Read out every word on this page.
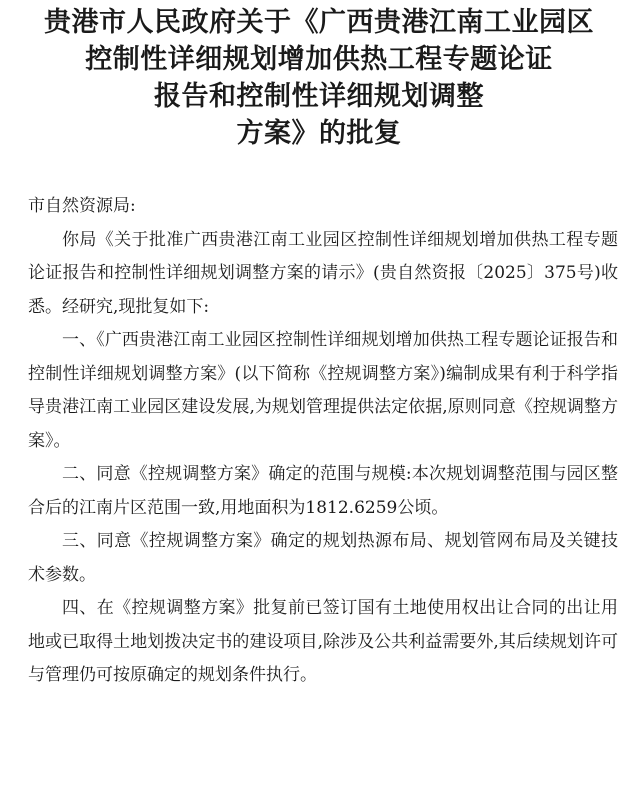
贵港市人民政府关于《广西贵港江南工业园区
控制性详细规划增加供热工程专题论证
报告和控制性详细规划调整
方案》的批复

市自然资源局:

你局《关于批准广西贵港江南工业园区控制性详细规划增加供热工程专题论证报告和控制性详细规划调整方案的请示》(贵自然资报〔2025〕375号)收悉。经研究,现批复如下:

一、《广西贵港江南工业园区控制性详细规划增加供热工程专题论证报告和控制性详细规划调整方案》(以下简称《控规调整方案》)编制成果有利于科学指导贵港江南工业园区建设发展,为规划管理提供法定依据,原则同意《控规调整方案》。

二、同意《控规调整方案》确定的范围与规模:本次规划调整范围与园区整合后的江南片区范围一致,用地面积为1812.6259公顷。

三、同意《控规调整方案》确定的规划热源布局、规划管网布局及关键技术参数。

四、在《控规调整方案》批复前已签订国有土地使用权出让合同的出让用地或已取得土地划拨决定书的建设项目,除涉及公共利益需要外,其后续规划许可与管理仍可按原确定的规划条件执行。
